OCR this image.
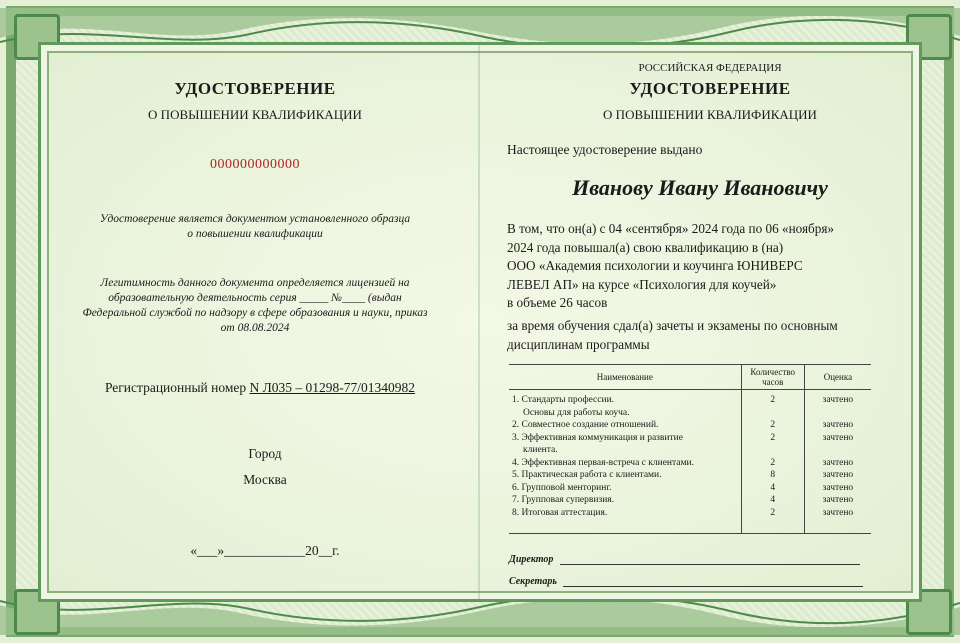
УДОСТОВЕРЕНИЕ
О ПОВЫШЕНИИ КВАЛИФИКАЦИИ
000000000000
Удостоверение является документом установленного образца
о повышении квалификации
Легитимность данного документа определяется лицензией на
образовательную деятельность серия _____ №____ (выдан
Федеральной службой по надзору в сфере образования и науки, приказ
от 08.08.2024
Регистрационный номер N Л035 – 01298-77/01340982
Город
Москва
«___»____________20__г.
РОССИЙСКАЯ ФЕДЕРАЦИЯ
УДОСТОВЕРЕНИЕ
О ПОВЫШЕНИИ КВАЛИФИКАЦИИ
Настоящее удостоверение выдано
Иванову Ивану Ивановичу
В том, что он(а) с 04 «сентября» 2024 года по 06 «ноября»
2024 года повышал(а) свою квалификацию в (на)
ООО «Академия психологии и коучинга ЮНИВЕРС
ЛЕВЕЛ АП» на курсе «Психология для коучей»
в объеме 26 часов
за время обучения сдал(а) зачеты и экзамены по основным
дисциплинам программы
Наименование	Количество часов	Оценка
1. Стандарты профессии.	2	зачтено
Основы для работы коуча.		
2. Совместное создание отношений.	2	зачтено
3. Эффективная коммуникация и развитие	2	зачтено
клиента.		
4. Эффективная первая-встреча с клиентами.	2	зачтено
5. Практическая работа с клиентами.	8	зачтено
6. Групповой менторинг.	4	зачтено
7. Групповая супервизия.	4	зачтено
8. Итоговая аттестация.	2	зачтено

Директор
Секретарь
